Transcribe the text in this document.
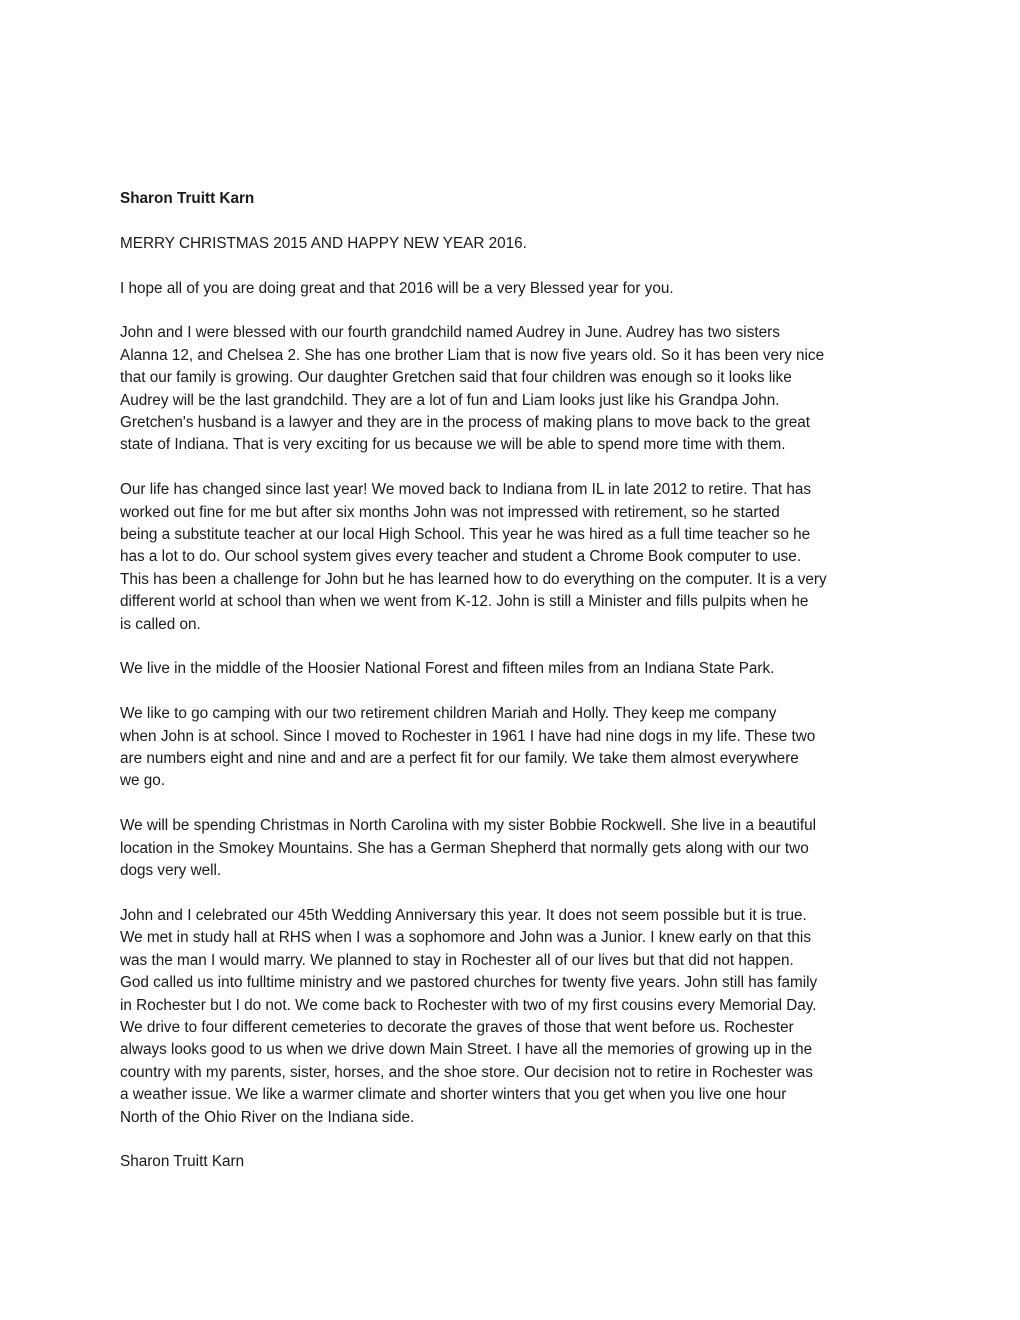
Sharon Truitt Karn
MERRY CHRISTMAS 2015 AND HAPPY NEW YEAR 2016.
I hope all of you are doing great and that 2016 will be a very Blessed year for you.
John and I were blessed with our fourth grandchild named Audrey in June. Audrey has two sisters
Alanna 12, and Chelsea 2. She has one brother Liam that is now five years old. So it has been very nice
that our family is growing. Our daughter Gretchen said that four children was enough so it looks like
Audrey will be the last grandchild. They are a lot of fun and Liam looks just like his Grandpa John.
Gretchen's husband is a lawyer and they are in the process of making plans to move back to the great
state of Indiana. That is very exciting for us because we will be able to spend more time with them.
Our life has changed since last year! We moved back to Indiana from IL in late 2012 to retire. That has
worked out fine for me but after six months John was not impressed with retirement, so he started
being a substitute teacher at our local High School. This year he was hired as a full time teacher so he
has a lot to do. Our school system gives every teacher and student a Chrome Book computer to use.
This has been a challenge for John but he has learned how to do everything on the computer. It is a very
different world at school than when we went from K-12. John is still a Minister and fills pulpits when he
is called on.
We live in the middle of the Hoosier National Forest and fifteen miles from an Indiana State Park.
We like to go camping with our two retirement children Mariah and Holly. They keep me company
when John is at school. Since I moved to Rochester in 1961 I have had nine dogs in my life. These two
are numbers eight and nine and and are a perfect fit for our family. We take them almost everywhere
we go.
We will be spending Christmas in North Carolina with my sister Bobbie Rockwell. She live in a beautiful
location in the Smokey Mountains. She has a German Shepherd that normally gets along with our two
dogs very well.
John and I celebrated our 45th Wedding Anniversary this year. It does not seem possible but it is true.
We met in study hall at RHS when I was a sophomore and John was a Junior. I knew early on that this
was the man I would marry. We planned to stay in Rochester all of our lives but that did not happen.
God called us into fulltime ministry and we pastored churches for twenty five years. John still has family
in Rochester but I do not. We come back to Rochester with two of my first cousins every Memorial Day.
We drive to four different cemeteries to decorate the graves of those that went before us. Rochester
always looks good to us when we drive down Main Street. I have all the memories of growing up in the
country with my parents, sister, horses, and the shoe store. Our decision not to retire in Rochester was
a weather issue. We like a warmer climate and shorter winters that you get when you live one hour
North of the Ohio River on the Indiana side.
Sharon Truitt Karn
